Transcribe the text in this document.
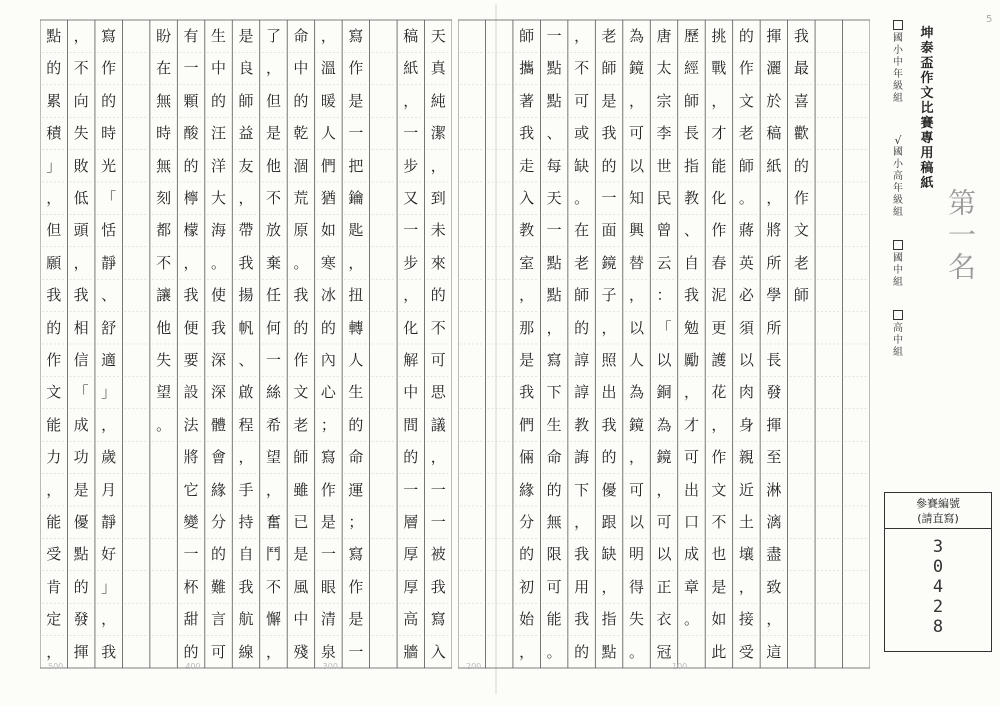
500	400	300
天
真
純
潔
，
到
未
來
的
不
可
思
議
，
一
一
被
我
寫
入
稿
紙
，
一
步
又
一
步
，
化
解
中
間
的
一
層
厚
厚
高
牆
寫
作
是
一
把
鑰
匙
，
扭
轉
人
生
的
命
運
；
寫
作
是
一
，
溫
暖
人
們
猶
如
寒
冰
的
內
心
；
寫
作
是
一
眼
清
泉
命
中
的
乾
涸
荒
原
。
我
的
作
文
老
師
雖
已
是
風
中
殘
了
，
但
是
他
不
放
棄
任
何
一
絲
希
望
，
奮
鬥
不
懈
，
是
良
師
益
友
，
帶
我
揚
帆
、
啟
程
，
手
持
自
我
航
線
生
中
的
汪
洋
大
海
。
使
我
深
深
體
會
緣
分
的
難
言
可
有
一
顆
酸
的
檸
檬
，
我
便
要
設
法
將
它
變
一
杯
甜
的
盼
在
無
時
無
刻
都
不
讓
他
失
望
。
寫
作
的
時
光
「
恬
靜
、
舒
適
」
，
歲
月
靜
好
」
，
我
，
不
向
失
敗
低
頭
，
我
相
信
「
成
功
是
優
點
的
發
揮
點
的
累
積
」
，
但
願
我
的
作
文
能
力
，
能
受
肯
定
，
200	100
我
最
喜
歡
的
作
文
老
師
揮
灑
於
稿
紙
，
將
所
學
所
長
發
揮
至
淋
漓
盡
致
，
這
的
作
文
老
師
。
蔣
英
必
須
以
肉
身
親
近
土
壤
，
接
受
挑
戰
，
才
能
化
作
春
泥
更
護
花
，
作
文
不
也
是
如
此
歷
經
師
長
指
教
、
自
我
勉
勵
，
才
可
出
口
成
章
。
唐
太
宗
李
世
民
曾
云
：
「
以
銅
為
鏡
，
可
以
正
衣
冠
為
鏡
，
可
以
知
興
替
，
以
人
為
鏡
，
可
以
明
得
失
。
老
師
是
我
的
一
面
鏡
子
，
照
出
我
的
優
跟
缺
，
指
點
，
不
可
或
缺
。
在
老
師
的
諄
諄
教
誨
下
，
我
用
我
的
一
點
點
、
每
天
一
點
點
，
寫
下
生
命
的
無
限
可
能
。
師
攜
著
我
走
入
教
室
，
那
是
我
們
倆
緣
分
的
初
始
，
坤泰盃作文比賽專用稿紙
5
國小中年級組
√
國小高年級組
國中組
高中組
第一名
參賽編號
(請直寫)
3
0
4
2
8
